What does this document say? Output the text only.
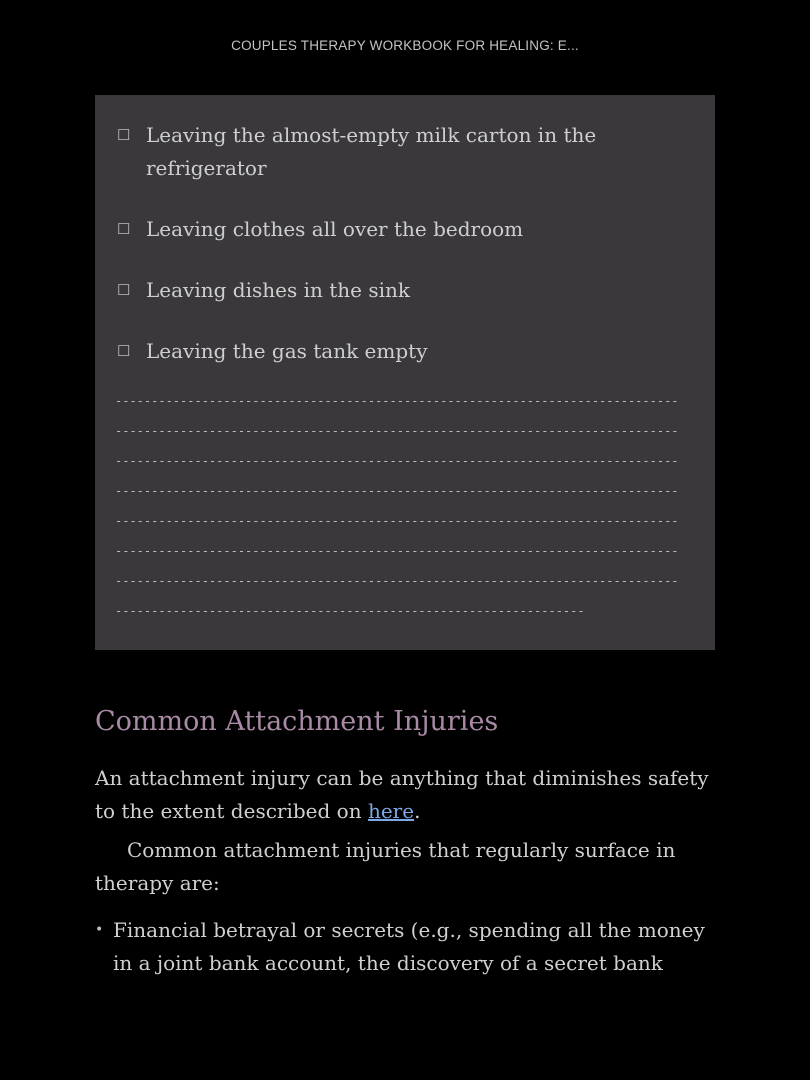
COUPLES THERAPY WORKBOOK FOR HEALING: E...
☐ Leaving the almost-empty milk carton in the refrigerator
☐ Leaving clothes all over the bedroom
☐ Leaving dishes in the sink
☐ Leaving the gas tank empty
------------------------------------------------------------------------------
------------------------------------------------------------------------------
------------------------------------------------------------------------------
------------------------------------------------------------------------------
------------------------------------------------------------------------------
------------------------------------------------------------------------------
------------------------------------------------------------------------------
-----------------------------------------------------------------
Common Attachment Injuries

An attachment injury can be anything that diminishes safety to the extent described on here.

Common attachment injuries that regularly surface in therapy are:

• Financial betrayal or secrets (e.g., spending all the money in a joint bank account, the discovery of a secret bank
